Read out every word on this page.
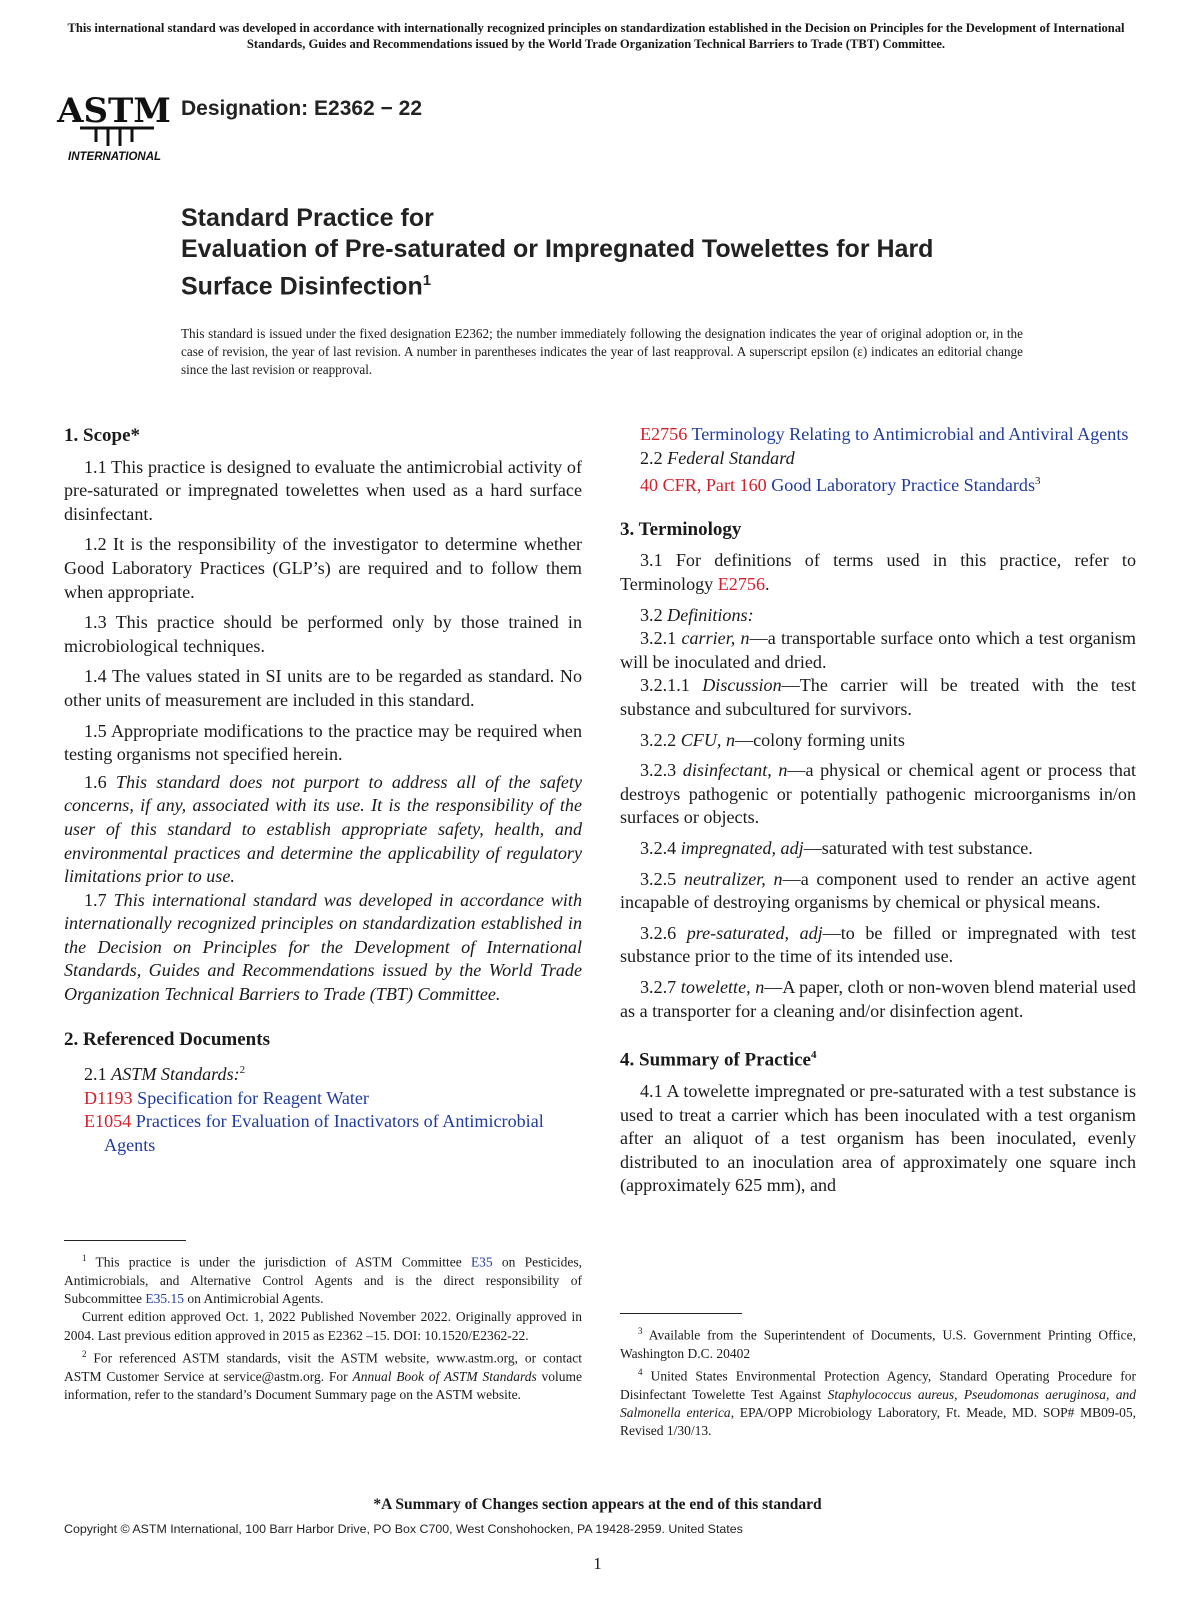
This international standard was developed in accordance with internationally recognized principles on standardization established in the Decision on Principles for the Development of International Standards, Guides and Recommendations issued by the World Trade Organization Technical Barriers to Trade (TBT) Committee.
ASTM
INTERNATIONAL
Designation: E2362 − 22
Standard Practice for
Evaluation of Pre-saturated or Impregnated Towelettes for Hard Surface Disinfection$^1$
This standard is issued under the fixed designation E2362; the number immediately following the designation indicates the year of original adoption or, in the case of revision, the year of last revision. A number in parentheses indicates the year of last reapproval. A superscript epsilon (ε) indicates an editorial change since the last revision or reapproval.
1. Scope*

1.1 This practice is designed to evaluate the antimicrobial activity of pre-saturated or impregnated towelettes when used as a hard surface disinfectant.

1.2 It is the responsibility of the investigator to determine whether Good Laboratory Practices (GLP’s) are required and to follow them when appropriate.

1.3 This practice should be performed only by those trained in microbiological techniques.

1.4 The values stated in SI units are to be regarded as standard. No other units of measurement are included in this standard.

1.5 Appropriate modifications to the practice may be required when testing organisms not specified herein.

1.6 This standard does not purport to address all of the safety concerns, if any, associated with its use. It is the responsibility of the user of this standard to establish appropriate safety, health, and environmental practices and determine the applicability of regulatory limitations prior to use.

1.7 This international standard was developed in accordance with internationally recognized principles on standardization established in the Decision on Principles for the Development of International Standards, Guides and Recommendations issued by the World Trade Organization Technical Barriers to Trade (TBT) Committee.

2. Referenced Documents

2.1 ASTM Standards:$^2$

D1193 Specification for Reagent Water

E1054 Practices for Evaluation of Inactivators of Antimicrobial Agents

$^1$ This practice is under the jurisdiction of ASTM Committee E35 on Pesticides, Antimicrobials, and Alternative Control Agents and is the direct responsibility of Subcommittee E35.15 on Antimicrobial Agents.

Current edition approved Oct. 1, 2022 Published November 2022. Originally approved in 2004. Last previous edition approved in 2015 as E2362 –15. DOI: 10.1520/E2362-22.

$^2$ For referenced ASTM standards, visit the ASTM website, www.astm.org, or contact ASTM Customer Service at service@astm.org. For Annual Book of ASTM Standards volume information, refer to the standard’s Document Summary page on the ASTM website.

E2756 Terminology Relating to Antimicrobial and Antiviral Agents

2.2 Federal Standard

40 CFR, Part 160 Good Laboratory Practice Standards$^3$

3. Terminology

3.1 For definitions of terms used in this practice, refer to Terminology E2756.

3.2 Definitions:

3.2.1 carrier, n—a transportable surface onto which a test organism will be inoculated and dried.

3.2.1.1 Discussion—The carrier will be treated with the test substance and subcultured for survivors.

3.2.2 CFU, n—colony forming units

3.2.3 disinfectant, n—a physical or chemical agent or process that destroys pathogenic or potentially pathogenic microorganisms in/on surfaces or objects.

3.2.4 impregnated, adj—saturated with test substance.

3.2.5 neutralizer, n—a component used to render an active agent incapable of destroying organisms by chemical or physical means.

3.2.6 pre-saturated, adj—to be filled or impregnated with test substance prior to the time of its intended use.

3.2.7 towelette, n—A paper, cloth or non-woven blend material used as a transporter for a cleaning and/or disinfection agent.

4. Summary of Practice$^4$

4.1 A towelette impregnated or pre-saturated with a test substance is used to treat a carrier which has been inoculated with a test organism after an aliquot of a test organism has been inoculated, evenly distributed to an inoculation area of approximately one square inch (approximately 625 mm), and

$^3$ Available from the Superintendent of Documents, U.S. Government Printing Office, Washington D.C. 20402

$^4$ United States Environmental Protection Agency, Standard Operating Procedure for Disinfectant Towelette Test Against Staphylococcus aureus, Pseudomonas aeruginosa, and Salmonella enterica, EPA/OPP Microbiology Laboratory, Ft. Meade, MD. SOP# MB09-05, Revised 1/30/13.

*A Summary of Changes section appears at the end of this standard
Copyright © ASTM International, 100 Barr Harbor Drive, PO Box C700, West Conshohocken, PA 19428-2959. United States
1
